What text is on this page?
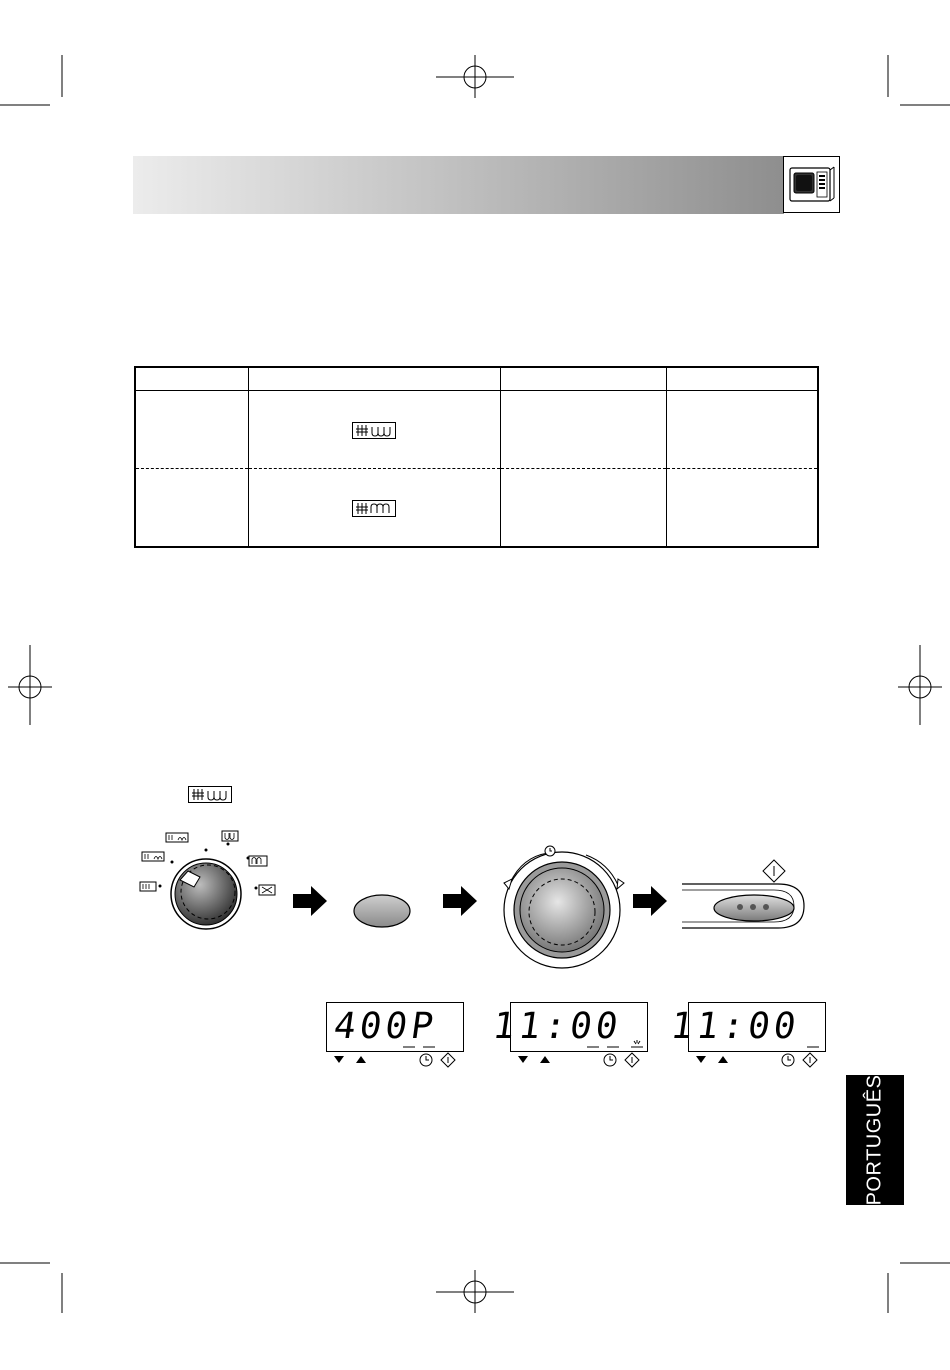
400P 11:00 11:00
PORTUGUÊS
